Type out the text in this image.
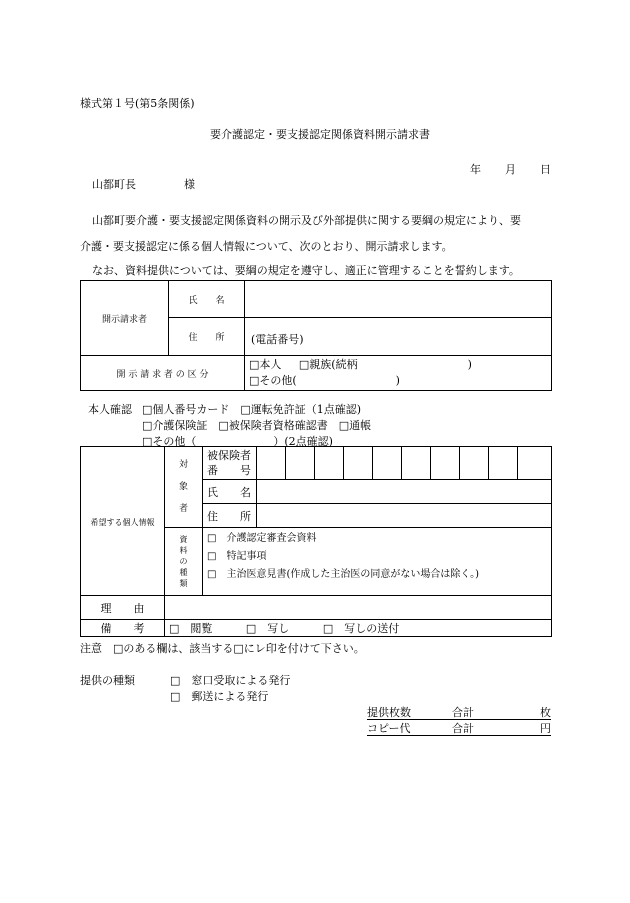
様式第１号(第5条関係)
要介護認定・要支援認定関係資料開示請求書
年 月 日
山都町長	様
山都町要介護・要支援認定関係資料の開示及び外部提供に関する要綱の規定により、要
介護・要支援認定に係る個人情報について、次のとおり、開示請求します。
なお、資料提供については、要綱の規定を遵守し、適正に管理することを誓約します。
開示請求者	氏　　名	
	住　　所	(電話番号)
開 示 請 求 者 の 区 分		□本人 □親族(続柄　　　　　　　　　　)
□その他(　　　　　　　　　)
本人確認 □個人番号カード　□運転免許証（1点確認)
□介護保険証　□被保険者資格確認書　□通帳
□その他（　　　　　　　）(2点確認)
希望する個人情報	対象者	被保険者
番　　号										
		氏　　名										
		住　　所										
	資料の種類	□　介護認定審査会資料
□　特記事項
□　主治医意見書(作成した主治医の同意がない場合は除く。)										

理　　由												
備　　考	□　閲覧 □　写し □　写しの送付											
注意　□のある欄は、該当する□にレ印を付けて下さい。
提供の種類	□　窓口受取による発行
□　郵送による発行
提供枚数	合計	枚
コピー代	合計	円
